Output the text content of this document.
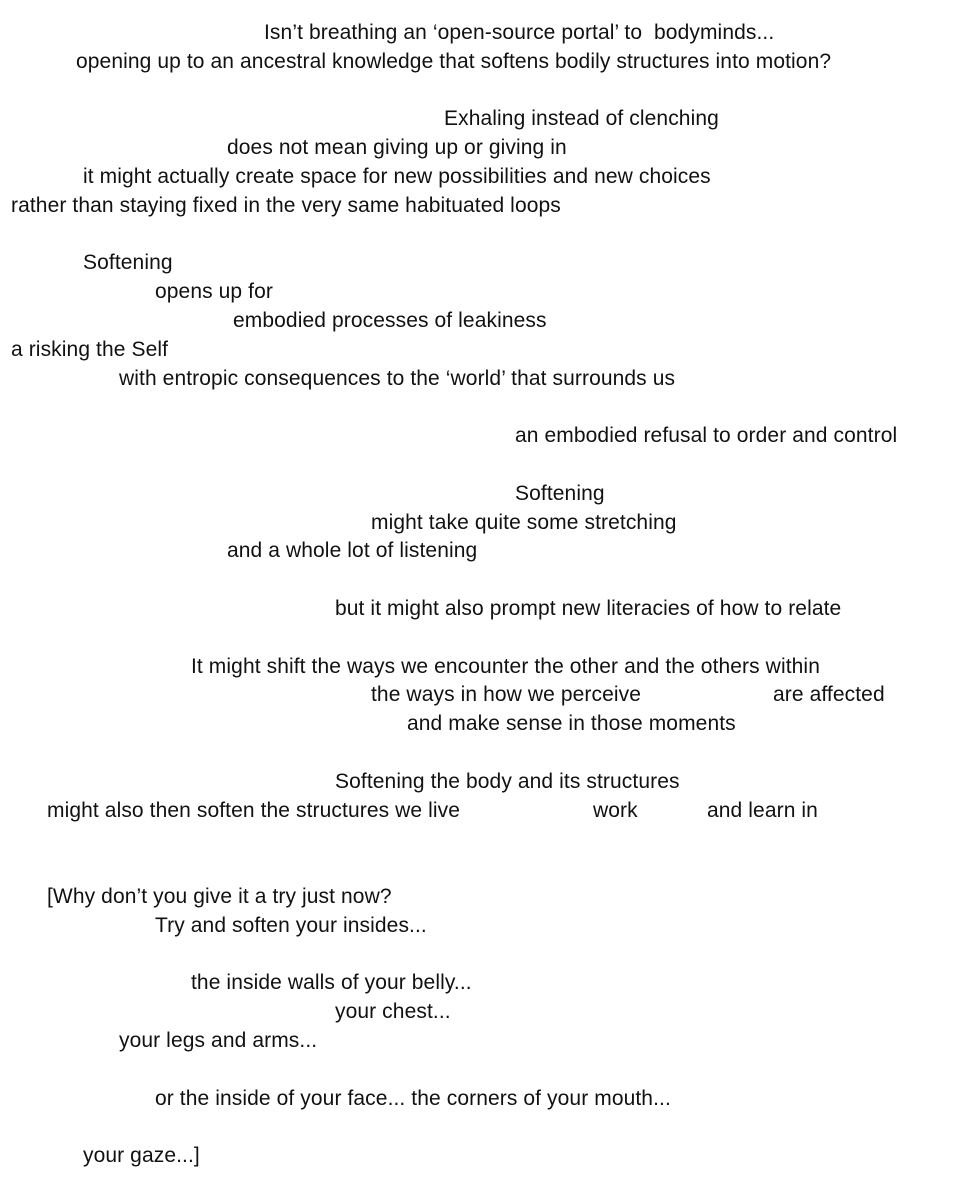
Isn’t breathing an ‘open-source portal’ to  bodyminds...
opening up to an ancestral knowledge that softens bodily structures into motion?
Exhaling instead of clenching
does not mean giving up or giving in
it might actually create space for new possibilities and new choices
rather than staying fixed in the very same habituated loops
Softening
opens up for
embodied processes of leakiness
a risking the Self
with entropic consequences to the ‘world’ that surrounds us
an embodied refusal to order and control
Softening
might take quite some stretching
and a whole lot of listening
but it might also prompt new literacies of how to relate
It might shift the ways we encounter the other and the others within
the ways in how we perceive	are affected
and make sense in those moments
Softening the body and its structures
might also then soften the structures we live	work	and learn in
[Why don’t you give it a try just now?
Try and soften your insides...
the inside walls of your belly...
your chest...
your legs and arms...
or the inside of your face... the corners of your mouth...
your gaze...]
